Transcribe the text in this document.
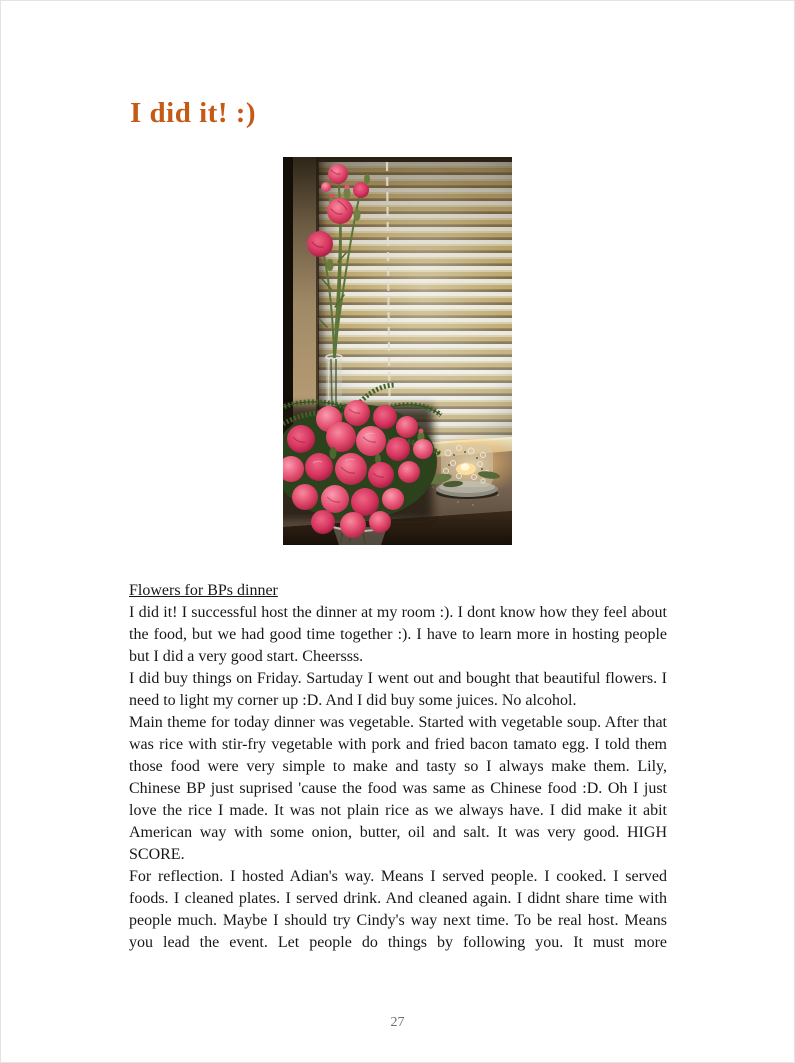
I did it! :)
Flowers for BPs dinner

I did it! I successful host the dinner at my room :). I dont know how they feel about the food, but we had good time together :). I have to learn more in hosting people but I did a very good start. Cheersss.

I did buy things on Friday. Sartuday I went out and bought that beautiful flowers. I need to light my corner up :D. And I did buy some juices. No alcohol.

Main theme for today dinner was vegetable. Started with vegetable soup. After that was rice with stir-fry vegetable with pork and fried bacon tamato egg. I told them those food were very simple to make and tasty so I always make them. Lily, Chinese BP just suprised 'cause the food was same as Chinese food :D. Oh I just love the rice I made. It was not plain rice as we always have. I did make it abit American way with some onion, butter, oil and salt. It was very good. HIGH SCORE.

For reflection. I hosted Adian's way. Means I served people. I cooked. I served foods. I cleaned plates. I served drink. And cleaned again. I didnt share time with people much. Maybe I should try Cindy's way next time. To be real host. Means you lead the event. Let people do things by following you. It must more

27
